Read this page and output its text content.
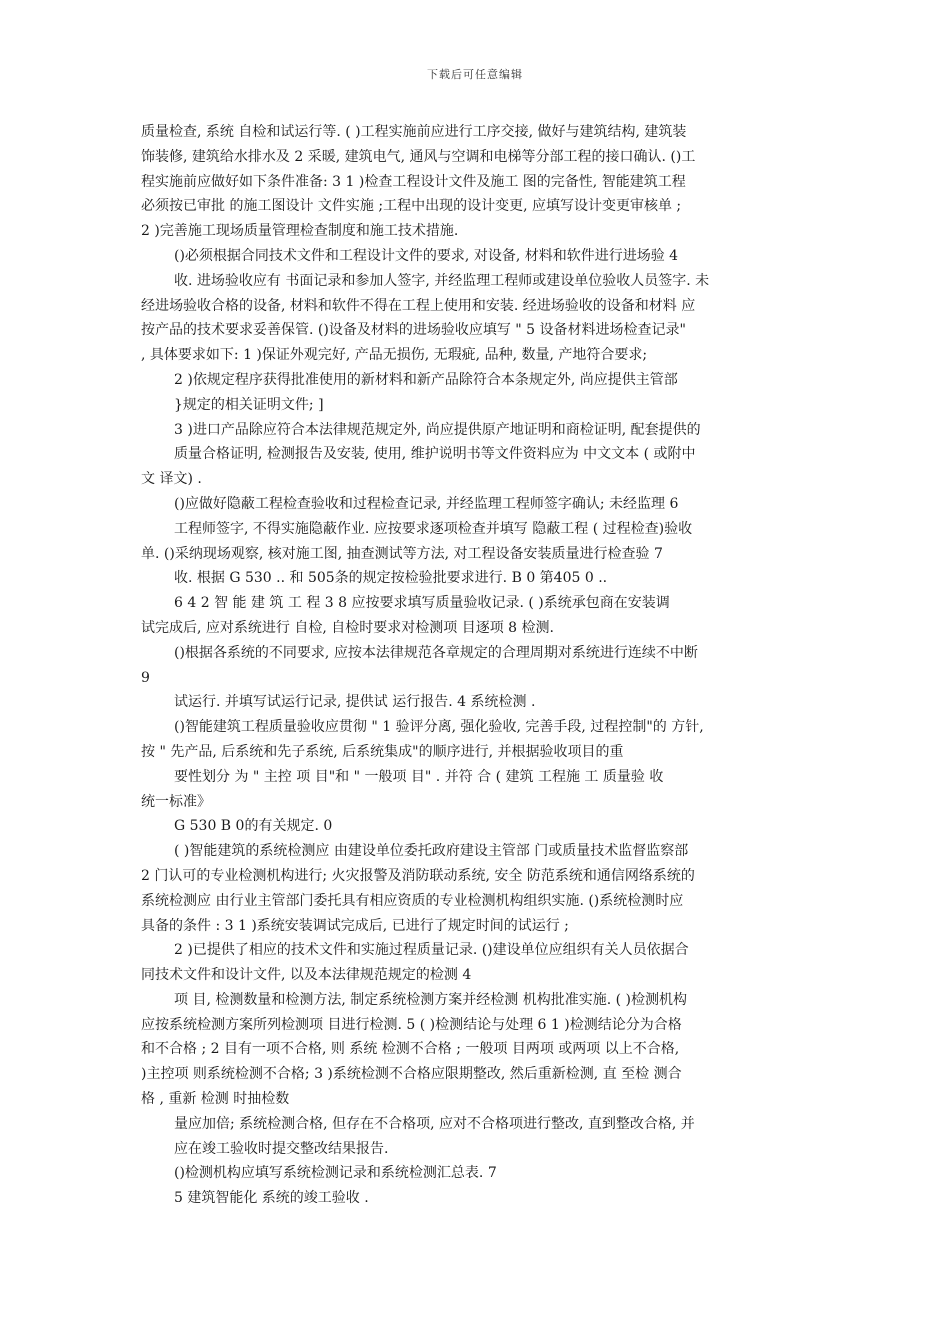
下载后可任意编辑
质量检查, 系统 自检和试运行等. ( )工程实施前应进行工序交接, 做好与建筑结构, 建筑装
饰装修, 建筑给水排水及 2 采暖, 建筑电气, 通风与空调和电梯等分部工程的接口确认. ()工
程实施前应做好如下条件准备: 3 1 )检查工程设计文件及施工 图的完备性, 智能建筑工程
必须按已审批 的施工图设计 文件实施 ;工程中出现的设计变更, 应填写设计变更审核单 ;
2 )完善施工现场质量管理检查制度和施工技术措施.
()必须根据合同技术文件和工程设计文件的要求, 对设备, 材料和软件进行进场验 4
收. 进场验收应有 书面记录和参加人签字, 并经监理工程师或建设单位验收人员签字. 未
经进场验收合格的设备, 材料和软件不得在工程上使用和安装. 经进场验收的设备和材料 应
按产品的技术要求妥善保管. ()设备及材料的进场验收应填写 " 5 设备材料进场检查记录"
, 具体要求如下: 1 )保证外观完好, 产品无损伤, 无瑕疵, 品种, 数量, 产地符合要求;
2 )依规定程序获得批准使用的新材料和新产品除符合本条规定外, 尚应提供主管部
}规定的相关证明文件; ]
3 )进口产品除应符合本法律规范规定外, 尚应提供原产地证明和商检证明, 配套提供的
质量合格证明, 检测报告及安装, 使用, 维护说明书等文件资料应为 中文文本 ( 或附中
文 译文) .
()应做好隐蔽工程检查验收和过程检查记录, 并经监理工程师签字确认; 未经监理 6
工程师签字, 不得实施隐蔽作业. 应按要求逐项检查并填写 隐蔽工程 ( 过程检查)验收
单. ()采纳现场观察, 核对施工图, 抽查测试等方法, 对工程设备安装质量进行检查验 7
收. 根据 G 530 .. 和 505条的规定按检验批要求进行. B 0 第405 0 ..
6 4 2 智 能 建 筑 工 程 3 8 应按要求填写质量验收记录. ( )系统承包商在安装调
试完成后, 应对系统进行 自检, 自检时要求对检测项 目逐项 8 检测.
()根据各系统的不同要求, 应按本法律规范各章规定的合理周期对系统进行连续不中断
9
试运行. 并填写试运行记录, 提供试 运行报告. 4 系统检测 .
()智能建筑工程质量验收应贯彻 " 1 验评分离, 强化验收, 完善手段, 过程控制"的 方针,
按 " 先产品, 后系统和先子系统, 后系统集成"的顺序进行, 并根据验收项目的重
要性划分 为 " 主控 项 目"和 " 一般项 目" . 并符 合 ( 建筑 工程施 工 质量验 收
统一标准》
G 530 B 0的有关规定. 0
( )智能建筑的系统检测应 由建设单位委托政府建设主管部 门或质量技术监督监察部
2 门认可的专业检测机构进行; 火灾报警及消防联动系统, 安全 防范系统和通信网络系统的
系统检测应 由行业主管部门委托具有相应资质的专业检测机构组织实施. ()系统检测时应
具备的条件 : 3 1 )系统安装调试完成后, 已进行了规定时间的试运行 ;
2 )已提供了相应的技术文件和实施过程质量记录. ()建设单位应组织有关人员依据合
同技术文件和设计文件, 以及本法律规范规定的检测 4
项 目, 检测数量和检测方法, 制定系统检测方案并经检测 机构批准实施. ( )检测机构
应按系统检测方案所列检测项 目进行检测. 5 ( )检测结论与处理 6 1 )检测结论分为合格
和不合格 ; 2 目有一项不合格, 则 系统 检测不合格 ; 一般项 目两项 或两项 以上不合格,
)主控项 则系统检测不合格; 3 )系统检测不合格应限期整改, 然后重新检测, 直 至检 测合
格 , 重新 检测 时抽检数
量应加倍; 系统检测合格, 但存在不合格项, 应对不合格项进行整改, 直到整改合格, 并
应在竣工验收时提交整改结果报告.
()检测机构应填写系统检测记录和系统检测汇总表. 7
5 建筑智能化 系统的竣工验收 .
